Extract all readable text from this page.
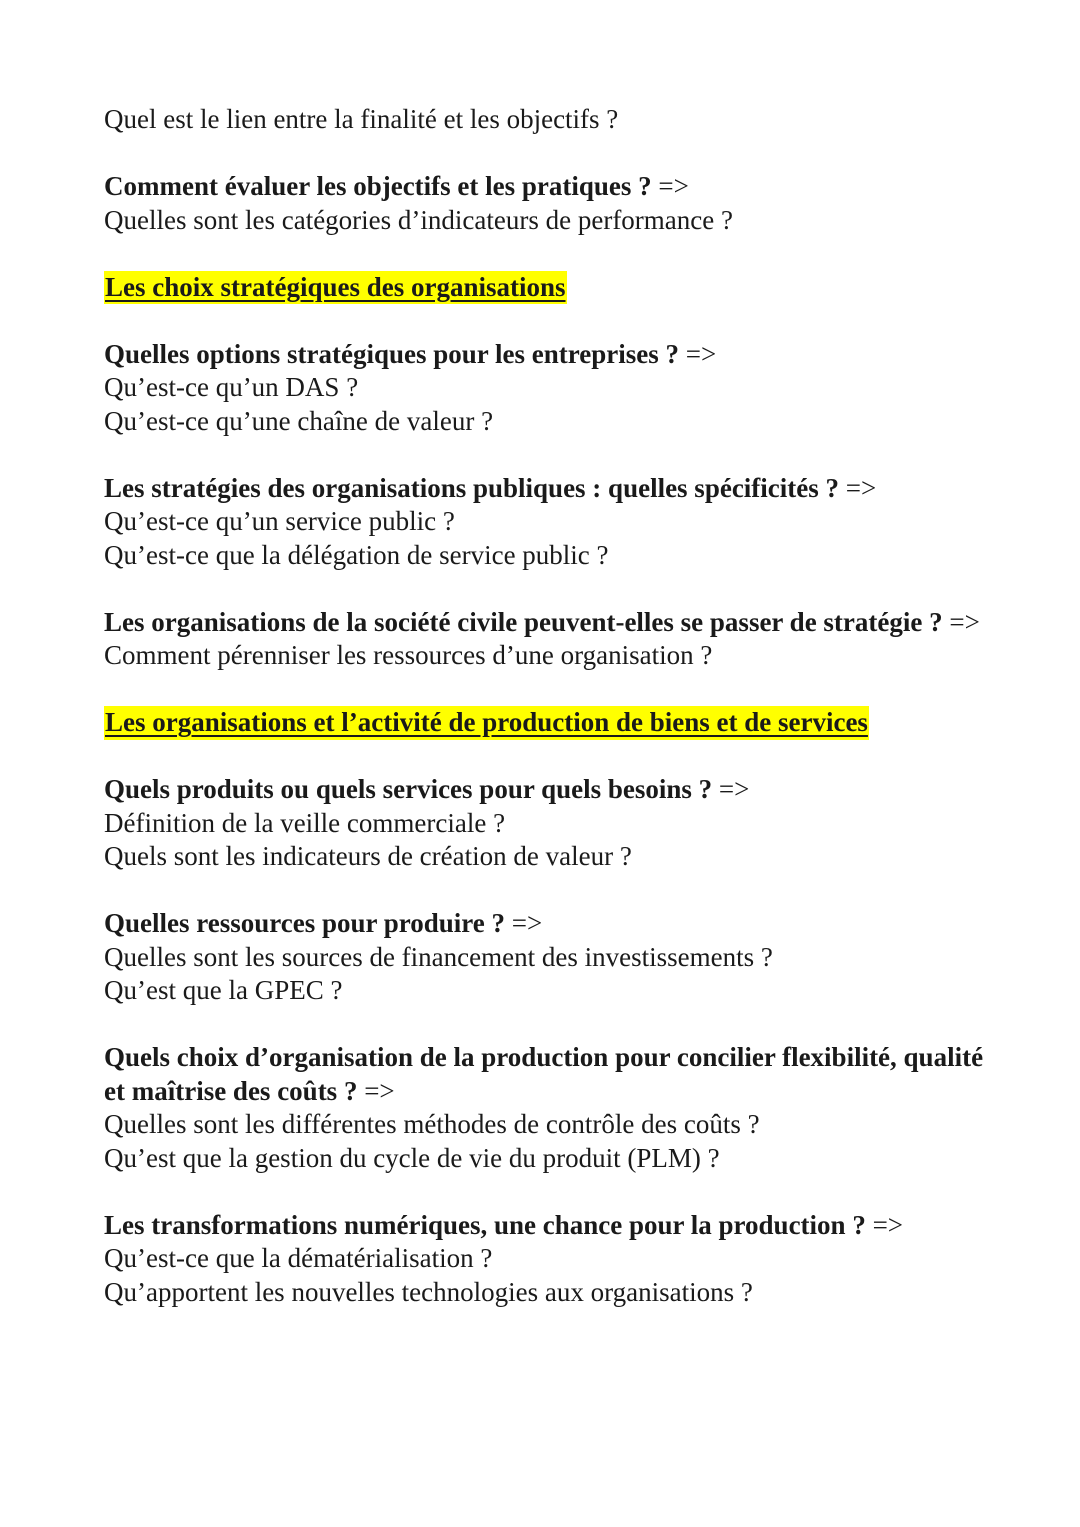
Quel est le lien entre la finalité et les objectifs ?
Comment évaluer les objectifs et les pratiques ? =>
Quelles sont les catégories d’indicateurs de performance ?
Les choix stratégiques des organisations
Quelles options stratégiques pour les entreprises ? =>
Qu’est-ce qu’un DAS ?
Qu’est-ce qu’une chaîne de valeur ?
Les stratégies des organisations publiques : quelles spécificités ? =>
Qu’est-ce qu’un service public ?
Qu’est-ce que la délégation de service public ?
Les organisations de la société civile peuvent-elles se passer de stratégie ? =>
Comment pérenniser les ressources d’une organisation ?
Les organisations et l’activité de production de biens et de services
Quels produits ou quels services pour quels besoins ? =>
Définition de la veille commerciale ?
Quels sont les indicateurs de création de valeur ?
Quelles ressources pour produire ? =>
Quelles sont les sources de financement des investissements ?
Qu’est que la GPEC ?
Quels choix d’organisation de la production pour concilier flexibilité, qualité et maîtrise des coûts ? =>
Quelles sont les différentes méthodes de contrôle des coûts ?
Qu’est que la gestion du cycle de vie du produit (PLM) ?
Les transformations numériques, une chance pour la production ? =>
Qu’est-ce que la dématérialisation ?
Qu’apportent les nouvelles technologies aux organisations ?
